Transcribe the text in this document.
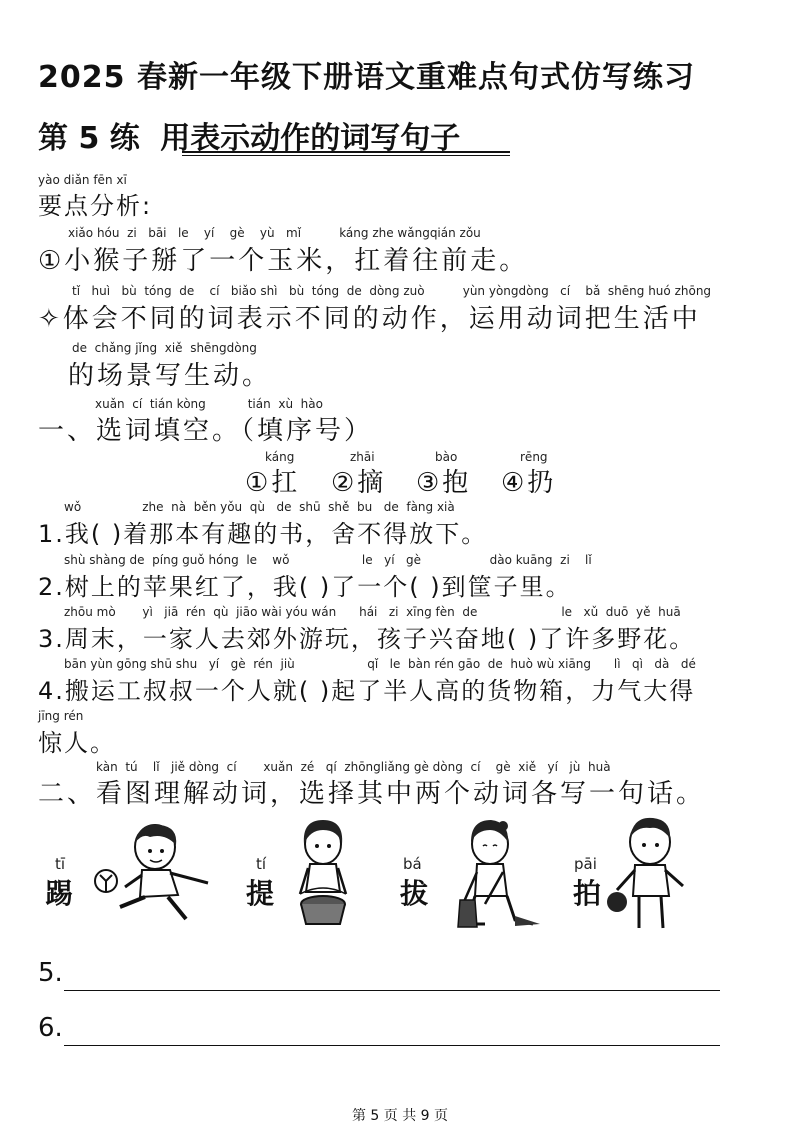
2025 春新一年级下册语文重难点句式仿写练习
第 5 练 用表示动作的词写句子
yào diǎn fēn xī
要点分析:
xiǎo hóu  zi   bāi   le    yí    gè    yù   mǐ          káng zhe wǎngqián zǒu
①小猴子掰了一个玉米，扛着往前走。
tǐ   huì   bù  tóng  de    cí   biǎo shì   bù  tóng  de  dòng zuò          yùn yòngdòng   cí    bǎ  shēng huó zhōng
✧体会不同的词表示不同的动作，运用动词把生活中
de  chǎng jǐng  xiě  shēngdòng
的场景写生动。
xuǎn  cí  tián kòng           tián  xù  hào
一、选词填空。（填序号）
káng	zhāi	bào	rēng
①扛 ②摘 ③抱 ④扔
wǒ                zhe  nà  běn yǒu  qù   de  shū  shě  bu   de  fàng xià
1.我( )着那本有趣的书，舍不得放下。
shù shàng de  píng guǒ hóng  le    wǒ                   le   yí   gè                  dào kuāng  zi    lǐ
2.树上的苹果红了，我( )了一个( )到筐子里。
zhōu mò       yì   jiā  rén  qù  jiāo wài yóu wán      hái   zi  xīng fèn  de                      le   xǔ  duō  yě  huā
3.周末，一家人去郊外游玩，孩子兴奋地( )了许多野花。
bān yùn gōng shū shu   yí   gè  rén  jiù                   qǐ   le  bàn rén gāo  de  huò wù xiāng      lì   qì   dà   dé
4.搬运工叔叔一个人就( )起了半人高的货物箱，力气大得
jīng rén
惊人。
kàn  tú    lǐ   jiě dòng  cí       xuǎn  zé   qí  zhōngliǎng gè dòng  cí    gè  xiě   yí   jù  huà
二、看图理解动词，选择其中两个动词各写一句话。
tī
踢
tí
提
bá
拔
pāi
拍
5.
6.
第 5 页 共 9 页
